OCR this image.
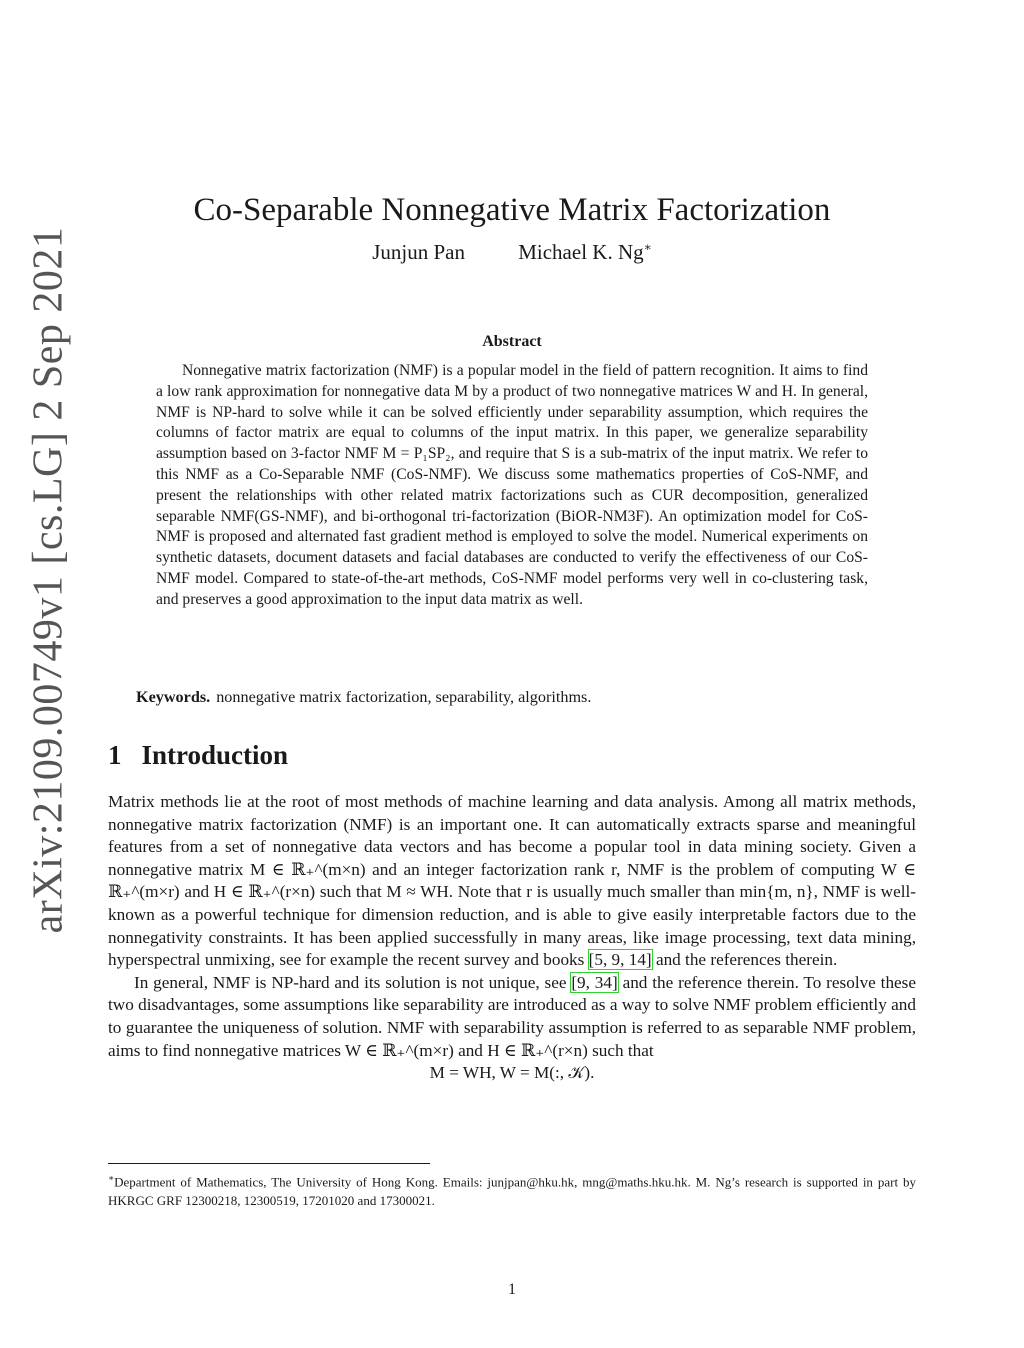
arXiv:2109.00749v1 [cs.LG] 2 Sep 2021
Co-Separable Nonnegative Matrix Factorization
Junjun Pan	Michael K. Ng∗
Abstract

Nonnegative matrix factorization (NMF) is a popular model in the field of pattern recognition. It aims to find a low rank approximation for nonnegative data M by a product of two nonnegative matrices W and H. In general, NMF is NP-hard to solve while it can be solved efficiently under separability assumption, which requires the columns of factor matrix are equal to columns of the input matrix. In this paper, we generalize separability assumption based on 3-factor NMF M = P₁SP₂, and require that S is a sub-matrix of the input matrix. We refer to this NMF as a Co-Separable NMF (CoS-NMF). We discuss some mathematics properties of CoS-NMF, and present the relationships with other related matrix factorizations such as CUR decomposition, generalized separable NMF(GS-NMF), and bi-orthogonal tri-factorization (BiOR-NM3F). An optimization model for CoS-NMF is proposed and alternated fast gradient method is employed to solve the model. Numerical experiments on synthetic datasets, document datasets and facial databases are conducted to verify the effectiveness of our CoS-NMF model. Compared to state-of-the-art methods, CoS-NMF model performs very well in co-clustering task, and preserves a good approximation to the input data matrix as well.

Keywords. nonnegative matrix factorization, separability, algorithms.

1 Introduction

Matrix methods lie at the root of most methods of machine learning and data analysis. Among all matrix methods, nonnegative matrix factorization (NMF) is an important one. It can automatically extracts sparse and meaningful features from a set of nonnegative data vectors and has become a popular tool in data mining society. Given a nonnegative matrix M ∈ ℝ₊^(m×n) and an integer factorization rank r, NMF is the problem of computing W ∈ ℝ₊^(m×r) and H ∈ ℝ₊^(r×n) such that M ≈ WH. Note that r is usually much smaller than min{m, n}, NMF is well-known as a powerful technique for dimension reduction, and is able to give easily interpretable factors due to the nonnegativity constraints. It has been applied successfully in many areas, like image processing, text data mining, hyperspectral unmixing, see for example the recent survey and books [5, 9, 14] and the references therein.

In general, NMF is NP-hard and its solution is not unique, see [9, 34] and the reference therein. To resolve these two disadvantages, some assumptions like separability are introduced as a way to solve NMF problem efficiently and to guarantee the uniqueness of solution. NMF with separability assumption is referred to as separable NMF problem, aims to find nonnegative matrices W ∈ ℝ₊^(m×r) and H ∈ ℝ₊^(r×n) such that

M = WH, W = M(:, 𝒦).

∗Department of Mathematics, The University of Hong Kong. Emails: junjpan@hku.hk, mng@maths.hku.hk. M. Ng’s research is supported in part by HKRGC GRF 12300218, 12300519, 17201020 and 17300021.

1
